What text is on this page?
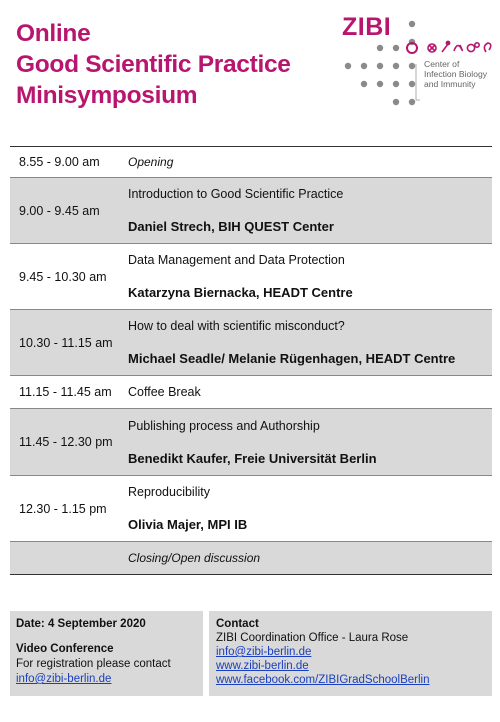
Online
Good Scientific Practice
Minisymposium
ZIBI
Center of
Infection Biology
and Immunity
8.55 - 9.00 am	Opening
9.00 - 9.45 am
Introduction to Good Scientific Practice
Daniel Strech, BIH QUEST Center
9.45 - 10.30 am
Data Management and Data Protection
Katarzyna Biernacka, HEADT Centre
10.30 - 11.15 am
How to deal with scientific misconduct?
Michael Seadle/ Melanie Rügenhagen, HEADT Centre
11.15 - 11.45 am	Coffee Break
11.45 - 12.30 pm
Publishing process and Authorship
Benedikt Kaufer, Freie Universität Berlin
12.30 - 1.15 pm
Reproducibility
Olivia Majer, MPI IB
Closing/Open discussion
Date: 4 September 2020
Video Conference
For registration please contact
info@zibi-berlin.de
Contact
ZIBI Coordination Office - Laura Rose
info@zibi-berlin.de
www.zibi-berlin.de
www.facebook.com/ZIBIGradSchoolBerlin
